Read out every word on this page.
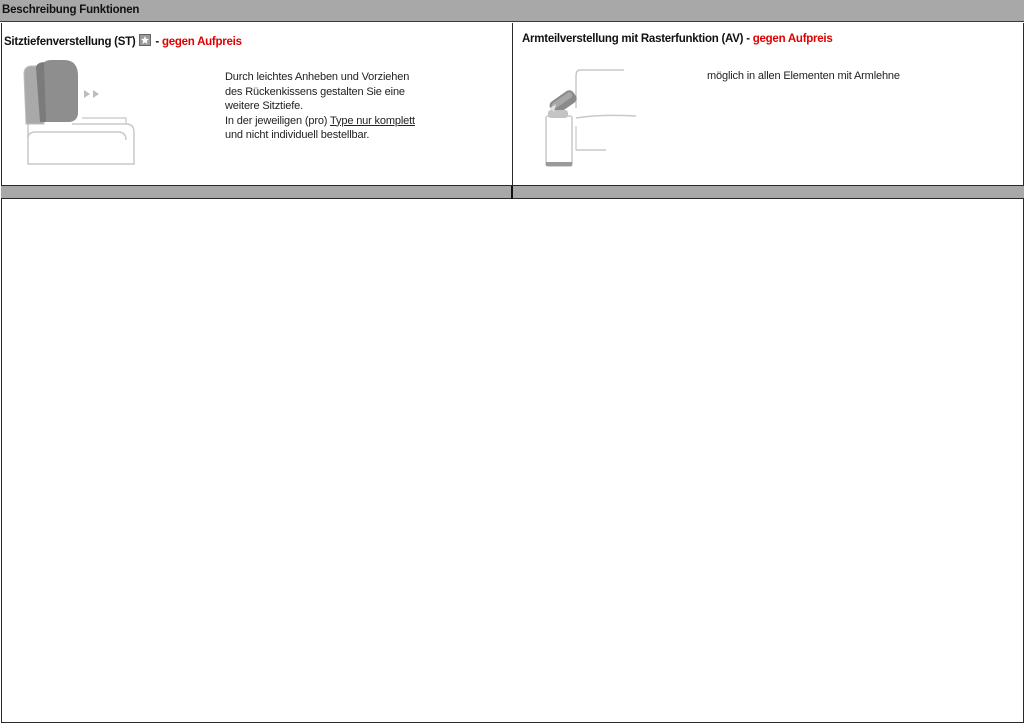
Beschreibung Funktionen
Sitztiefenverstellung (ST)
- gegen Aufpreis
Durch leichtes Anheben und Vorziehen
des Rückenkissens gestalten Sie eine
weitere Sitztiefe.
In der jeweiligen (pro) Type nur komplett
und nicht individuell bestellbar.
Armteilverstellung mit Rasterfunktion (AV) - gegen Aufpreis
möglich in allen Elementen mit Armlehne
